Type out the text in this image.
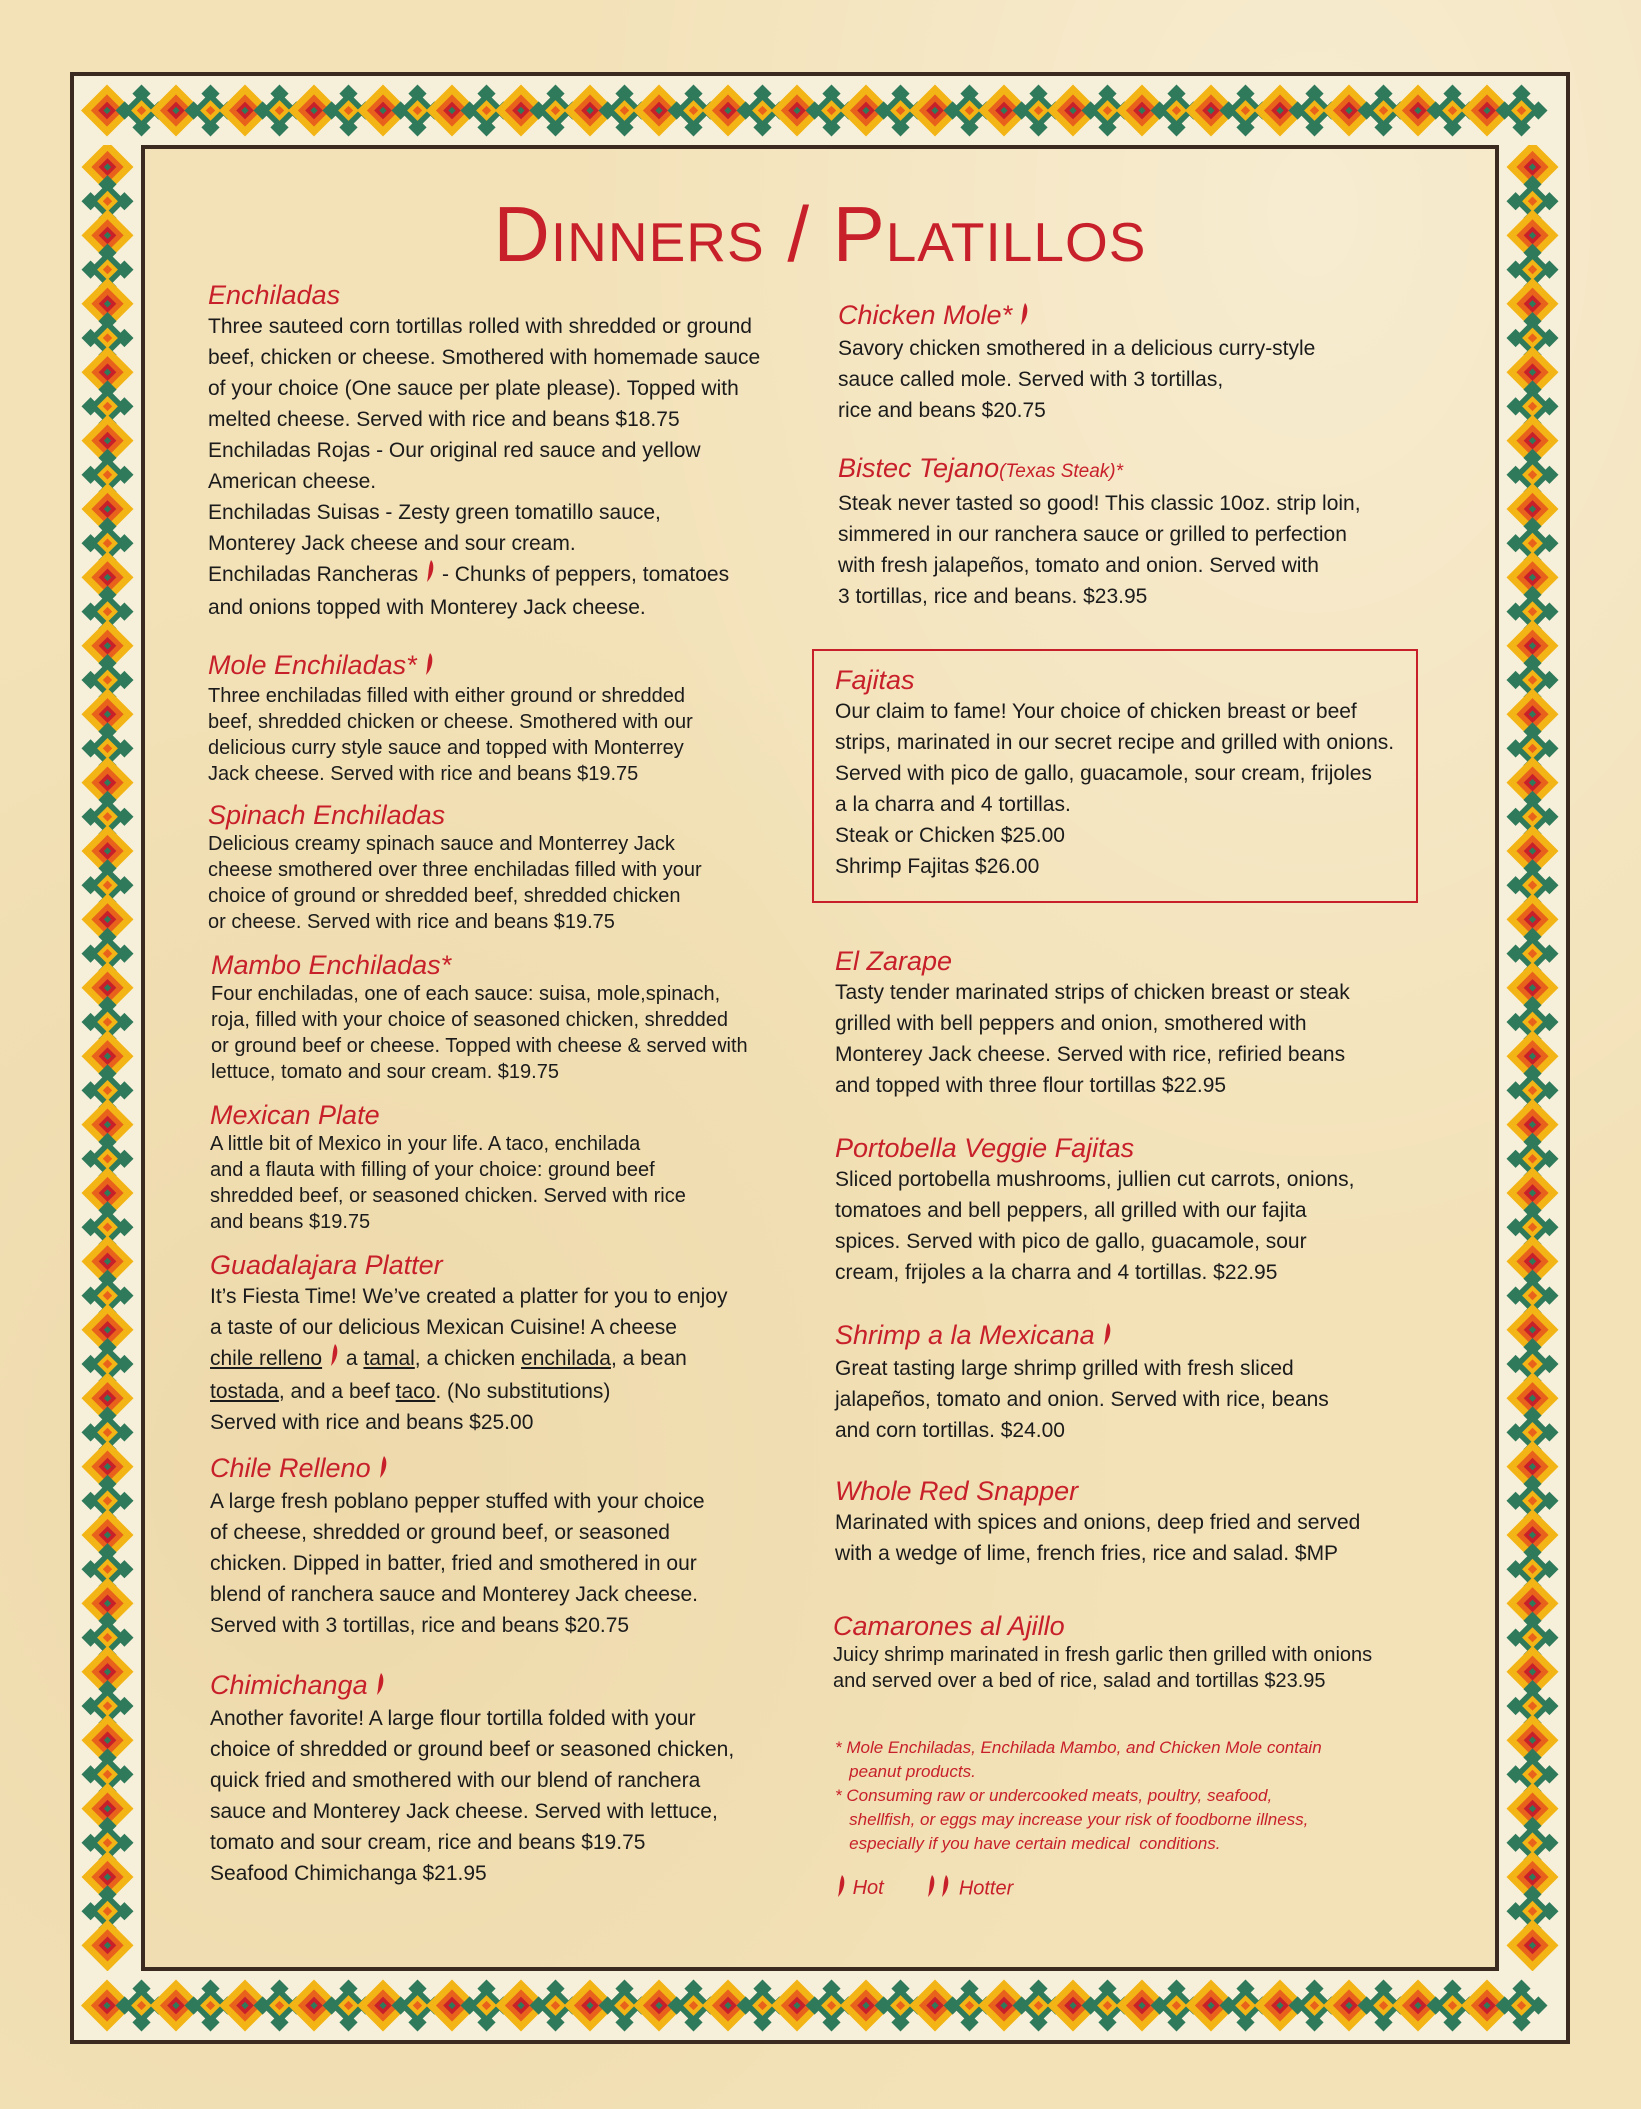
Dinners / Platillos
Enchiladas

Three sauteed corn tortillas rolled with shredded or ground

beef, chicken or cheese. Smothered with homemade sauce

of your choice (One sauce per plate please). Topped with

melted cheese. Served with rice and beans $18.75

Enchiladas Rojas - Our original red sauce and yellow

American cheese.

Enchiladas Suisas - Zesty green tomatillo sauce,

Monterey Jack cheese and sour cream.

Enchiladas Rancheras - Chunks of peppers, tomatoes

and onions topped with Monterey Jack cheese.

Mole Enchiladas*

Three enchiladas filled with either ground or shredded

beef, shredded chicken or cheese. Smothered with our

delicious curry style sauce and topped with Monterrey

Jack cheese. Served with rice and beans $19.75

Spinach Enchiladas

Delicious creamy spinach sauce and Monterrey Jack

cheese smothered over three enchiladas filled with your

choice of ground or shredded beef, shredded chicken

or cheese. Served with rice and beans $19.75

Mambo Enchiladas*

Four enchiladas, one of each sauce: suisa, mole,spinach,

roja, filled with your choice of seasoned chicken, shredded

or ground beef or cheese. Topped with cheese & served with

lettuce, tomato and sour cream. $19.75

Mexican Plate

A little bit of Mexico in your life. A taco, enchilada

and a flauta with filling of your choice: ground beef

shredded beef, or seasoned chicken. Served with rice

and beans $19.75

Guadalajara Platter

It’s Fiesta Time! We’ve created a platter for you to enjoy

a taste of our delicious Mexican Cuisine! A cheese

chile relleno a tamal, a chicken enchilada, a bean

tostada, and a beef taco. (No substitutions)

Served with rice and beans $25.00

Chile Relleno

A large fresh poblano pepper stuffed with your choice

of cheese, shredded or ground beef, or seasoned

chicken. Dipped in batter, fried and smothered in our

blend of ranchera sauce and Monterey Jack cheese.

Served with 3 tortillas, rice and beans $20.75

Chimichanga

Another favorite! A large flour tortilla folded with your

choice of shredded or ground beef or seasoned chicken,

quick fried and smothered with our blend of ranchera

sauce and Monterey Jack cheese. Served with lettuce,

tomato and sour cream, rice and beans $19.75

Seafood Chimichanga $21.95

Chicken Mole*

Savory chicken smothered in a delicious curry-style

sauce called mole. Served with 3 tortillas,

rice and beans $20.75

Bistec Tejano(Texas Steak)*

Steak never tasted so good! This classic 10oz. strip loin,

simmered in our ranchera sauce or grilled to perfection

with fresh jalapeños, tomato and onion. Served with

3 tortillas, rice and beans. $23.95

Fajitas

Our claim to fame! Your choice of chicken breast or beef

strips, marinated in our secret recipe and grilled with onions.

Served with pico de gallo, guacamole, sour cream, frijoles

a la charra and 4 tortillas.

Steak or Chicken $25.00

Shrimp Fajitas $26.00

El Zarape

Tasty tender marinated strips of chicken breast or steak

grilled with bell peppers and onion, smothered with

Monterey Jack cheese. Served with rice, refiried beans

and topped with three flour tortillas $22.95

Portobella Veggie Fajitas

Sliced portobella mushrooms, jullien cut carrots, onions,

tomatoes and bell peppers, all grilled with our fajita

spices. Served with pico de gallo, guacamole, sour

cream, frijoles a la charra and 4 tortillas. $22.95

Shrimp a la Mexicana

Great tasting large shrimp grilled with fresh sliced

jalapeños, tomato and onion. Served with rice, beans

and corn tortillas. $24.00

Whole Red Snapper

Marinated with spices and onions, deep fried and served

with a wedge of lime, french fries, rice and salad. $MP

Camarones al Ajillo

Juicy shrimp marinated in fresh garlic then grilled with onions

and served over a bed of rice, salad and tortillas $23.95

* Mole Enchiladas, Enchilada Mambo, and Chicken Mole contain

peanut products.

* Consuming raw or undercooked meats, poultry, seafood,

shellfish, or eggs may increase your risk of foodborne illness,

especially if you have certain medical  conditions.

Hot	Hotter
